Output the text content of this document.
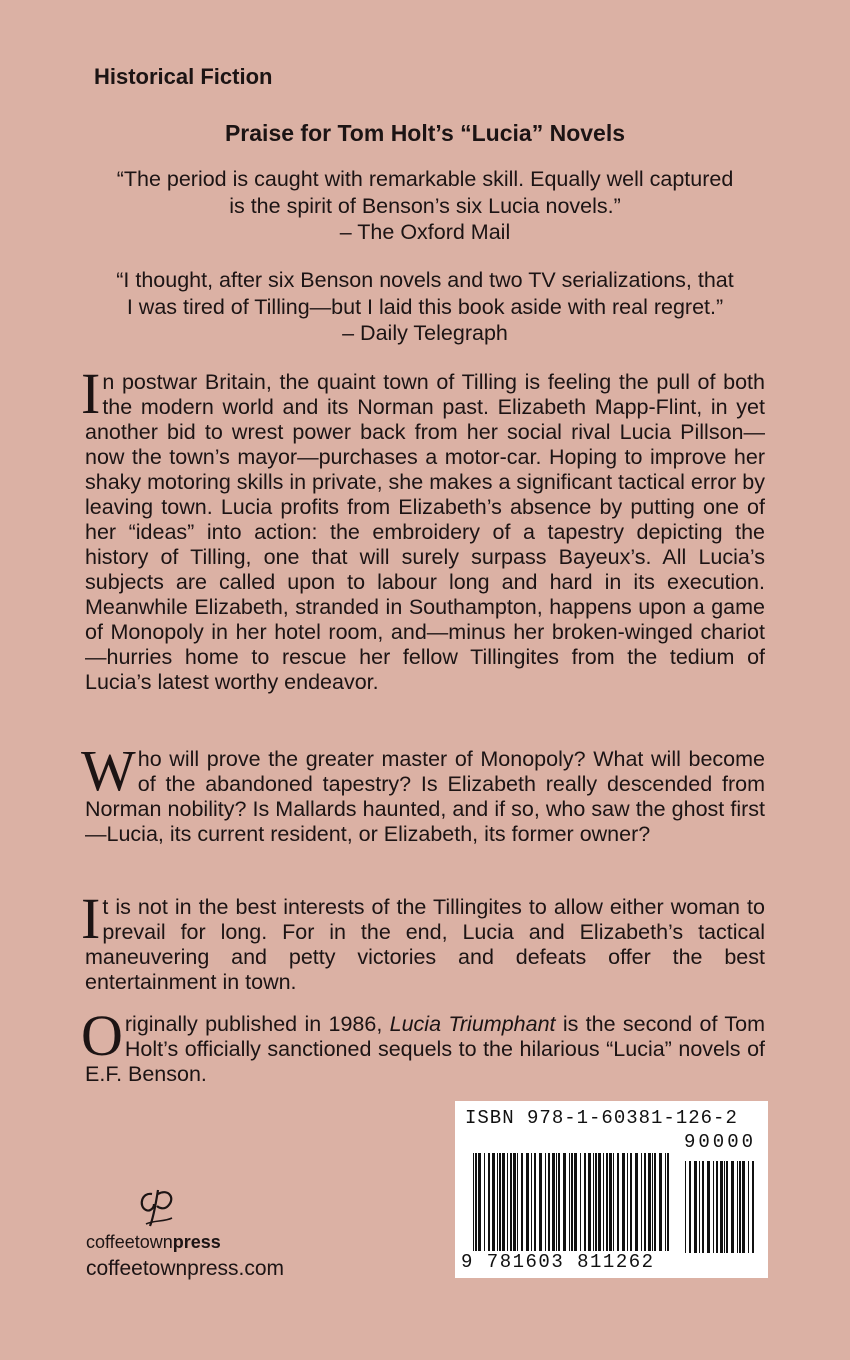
Historical Fiction
Praise for Tom Holt’s “Lucia” Novels
“The period is caught with remarkable skill. Equally well captured
is the spirit of Benson’s six Lucia novels.”
– The Oxford Mail
“I thought, after six Benson novels and two TV serializations, that
I was tired of Tilling—but I laid this book aside with real regret.”
– Daily Telegraph

In postwar Britain, the quaint town of Tilling is feeling the pull of both the modern world and its Norman past. Elizabeth Mapp-Flint, in yet another bid to wrest power back from her social rival Lucia Pillson—now the town’s mayor—purchases a motor-car. Hoping to improve her shaky motoring skills in private, she makes a significant tactical error by leaving town. Lucia profits from Elizabeth’s absence by putting one of her “ideas” into action: the embroidery of a tapestry depicting the history of Tilling, one that will surely surpass Bayeux’s. All Lucia’s subjects are called upon to labour long and hard in its execution. Meanwhile Elizabeth, stranded in Southampton, happens upon a game of Monopoly in her hotel room, and—minus her broken-winged chariot—hurries home to rescue her fellow Tillingites from the tedium of Lucia’s latest worthy endeavor.

Who will prove the greater master of Monopoly? What will become of the abandoned tapestry? Is Elizabeth really descended from Norman nobility? Is Mallards haunted, and if so, who saw the ghost first—Lucia, its current resident, or Elizabeth, its former owner?

It is not in the best interests of the Tillingites to allow either woman to prevail for long. For in the end, Lucia and Elizabeth’s tactical maneuvering and petty victories and defeats offer the best entertainment in town.

Originally published in 1986, Lucia Triumphant is the second of Tom Holt’s officially sanctioned sequels to the hilarious “Lucia” novels of E.F. Benson.

coffeetownpress
coffeetownpress.com
ISBN 978-1-60381-126-2
90000
9 781603 811262
